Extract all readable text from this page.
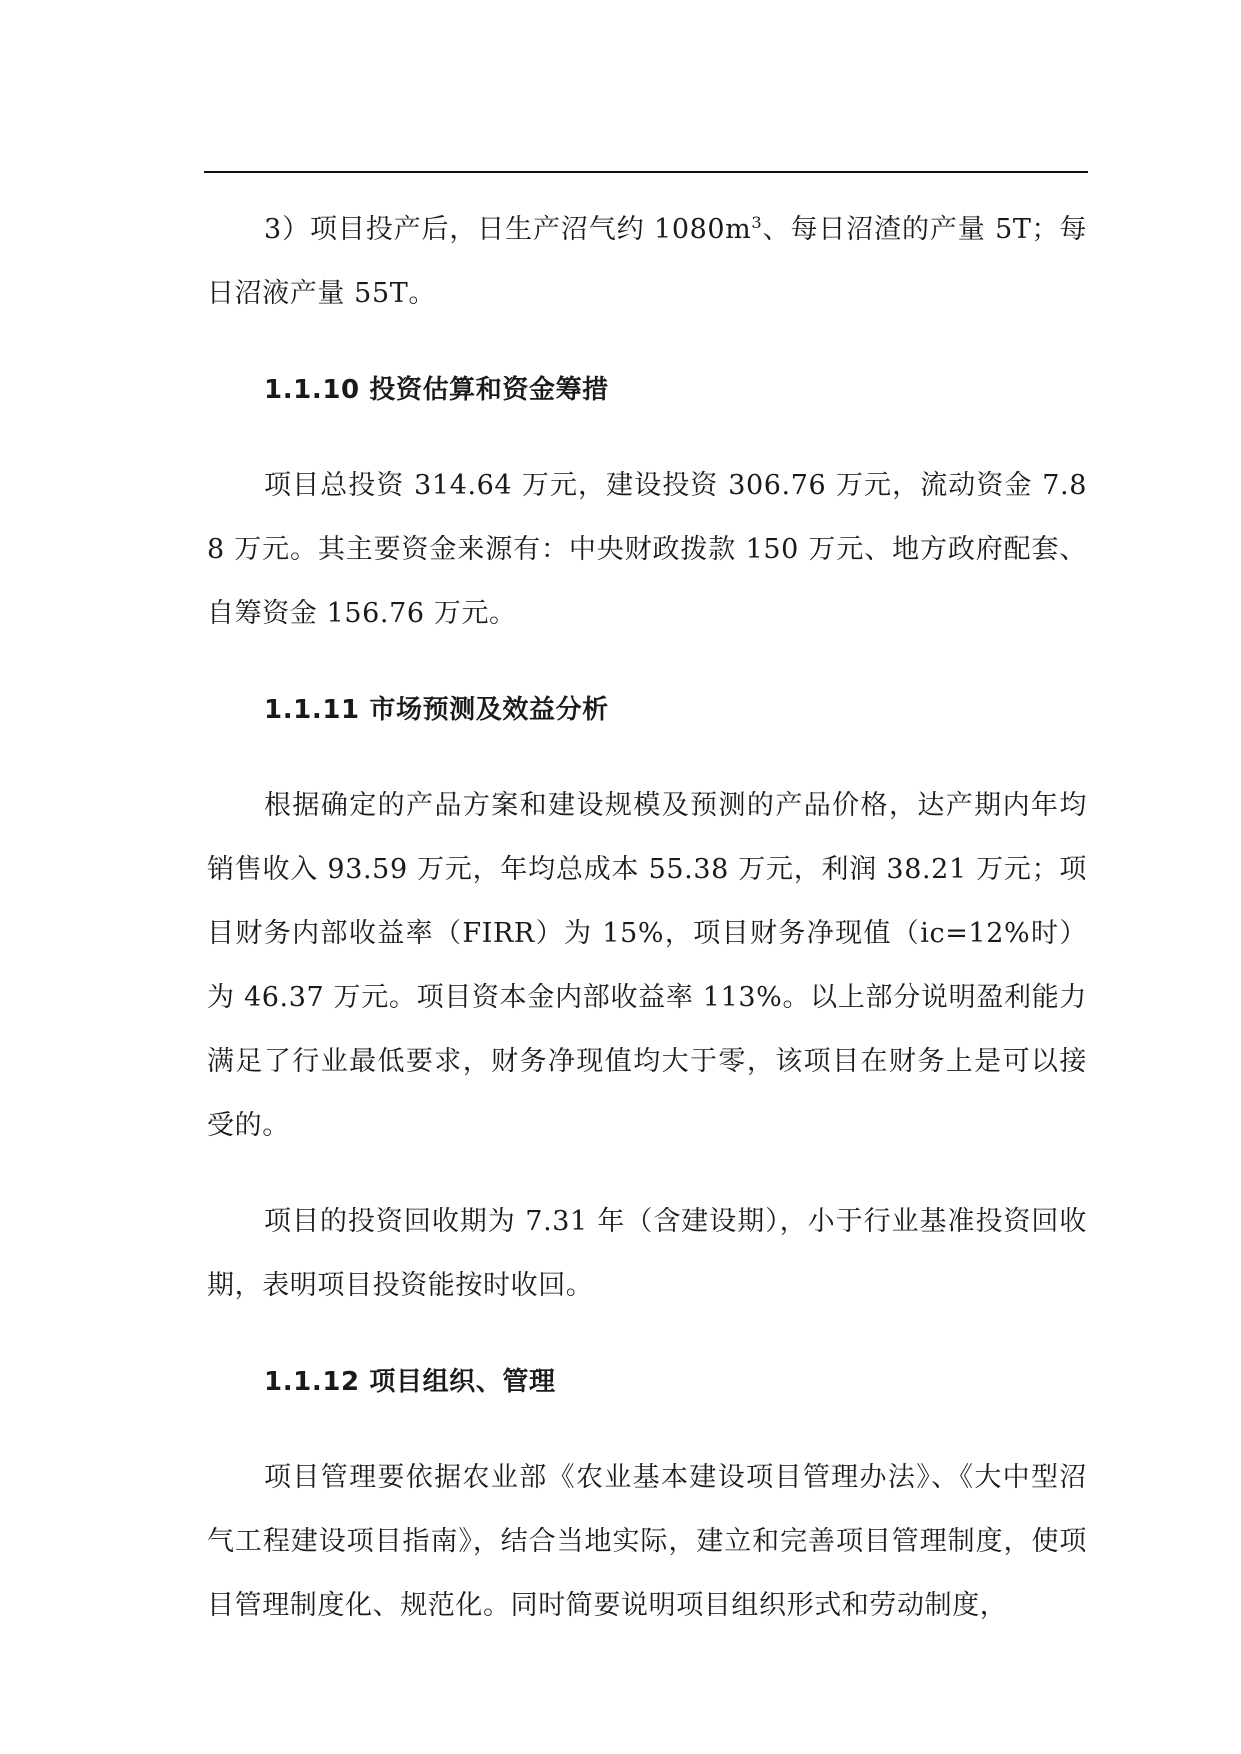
3）项目投产后，日生产沼气约 $1080m^3$、每日沼渣的产量 5T；每日沼液产量 55T。

1.1.10 投资估算和资金筹措

项目总投资 314.64 万元，建设投资 306.76 万元，流动资金 7.88 万元。其主要资金来源有：中央财政拨款 150 万元、地方政府配套、自筹资金 156.76 万元。

1.1.11 市场预测及效益分析

根据确定的产品方案和建设规模及预测的产品价格，达产期内年均销售收入 93.59 万元，年均总成本 55.38 万元，利润 38.21 万元；项目财务内部收益率（FIRR）为 15%，项目财务净现值（ic=12%时）为 46.37 万元。项目资本金内部收益率 113%。以上部分说明盈利能力满足了行业最低要求，财务净现值均大于零，该项目在财务上是可以接受的。

项目的投资回收期为 7.31 年（含建设期），小于行业基准投资回收期，表明项目投资能按时收回。

1.1.12 项目组织、管理

项目管理要依据农业部《农业基本建设项目管理办法》、《大中型沼气工程建设项目指南》，结合当地实际，建立和完善项目管理制度，使项目管理制度化、规范化。同时简要说明项目组织形式和劳动制度，
